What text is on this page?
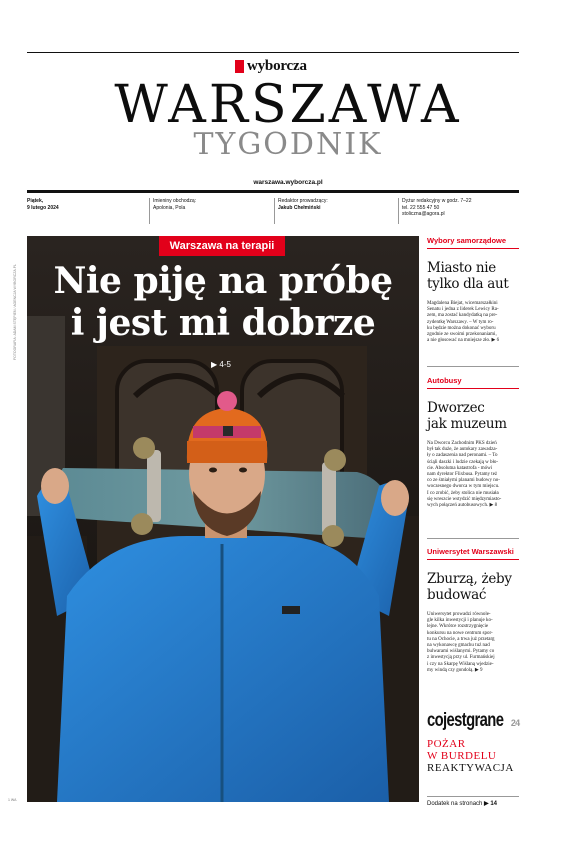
wyborcza
WARSZAWA
TYGODNIK
warszawa.wyborcza.pl
Piątek,
9 lutego 2024
Imieniny obchodzą:
Apolonia, Pola
Redaktor prowadzący:
Jakub Chełmiński
Dyżur redakcyjny w godz. 7–22
tel. 22 555 47 50
stoliczna@agora.pl
FOTOGRAFIA: ADAM STĘPIEŃ / AGENCJA WYBORCZA.PL
Warszawa na terapii
Nie piję na próbę
i jest mi dobrze
▶ 4-5
1 WA
Wybory samorządowe
Miasto nie
tylko dla aut
Magdalena Biejat, wicemarszałkini
Senatu i jedna z liderek Lewicy Ra-
zem, ma zostać kandydatką na pre-
zydentkę Warszawy. – W tym ro-
ku będzie można dokonać wyboru
zgodnie ze swoimi przekonaniami,
a nie głosować na mniejsze zło. ▶ 6
Autobusy
Dworzec
jak muzeum
Na Dworcu Zachodnim PKS dzień
był tak duże, że autokary zawadza-
ły o zadaszenia nad peronami. – To
ściąli daszki i ludzie czekają w bło-
cie. Absolutna katastrofa - mówi
nam dyrektor Flixbusa. Pytamy też
co ze śmiałymi planami budowy no-
woczesnego dworca w tym miejscu.
I co zrobić, żeby stolica nie musiała
się wreszcie wstydzić międzymiasto-
wych połączeń autobusowych. ▶ 8
Uniwersytet Warszawski
Zburzą, żeby
budować
Uniwersytet prowadzi równole-
gle kilka inwestycji i planuje ko-
lejne. Wkrótce rozstrzygnięcie
konkursu na nowe centrum spor-
tu na Ochocie, a trwa już przetarg
na wykonawcę gmachu tuż nad
bulwarami wiślanymi. Pytamy co
z inwestycją przy ul. Furmańskiej
i czy na Skarpę Wiślaną wjedzie-
my windą czy gondolą. ▶ 9
cojestgrane 24
POŻAR
W BURDELU
REAKTYWACJA
Dodatek na stronach ▶ 14
